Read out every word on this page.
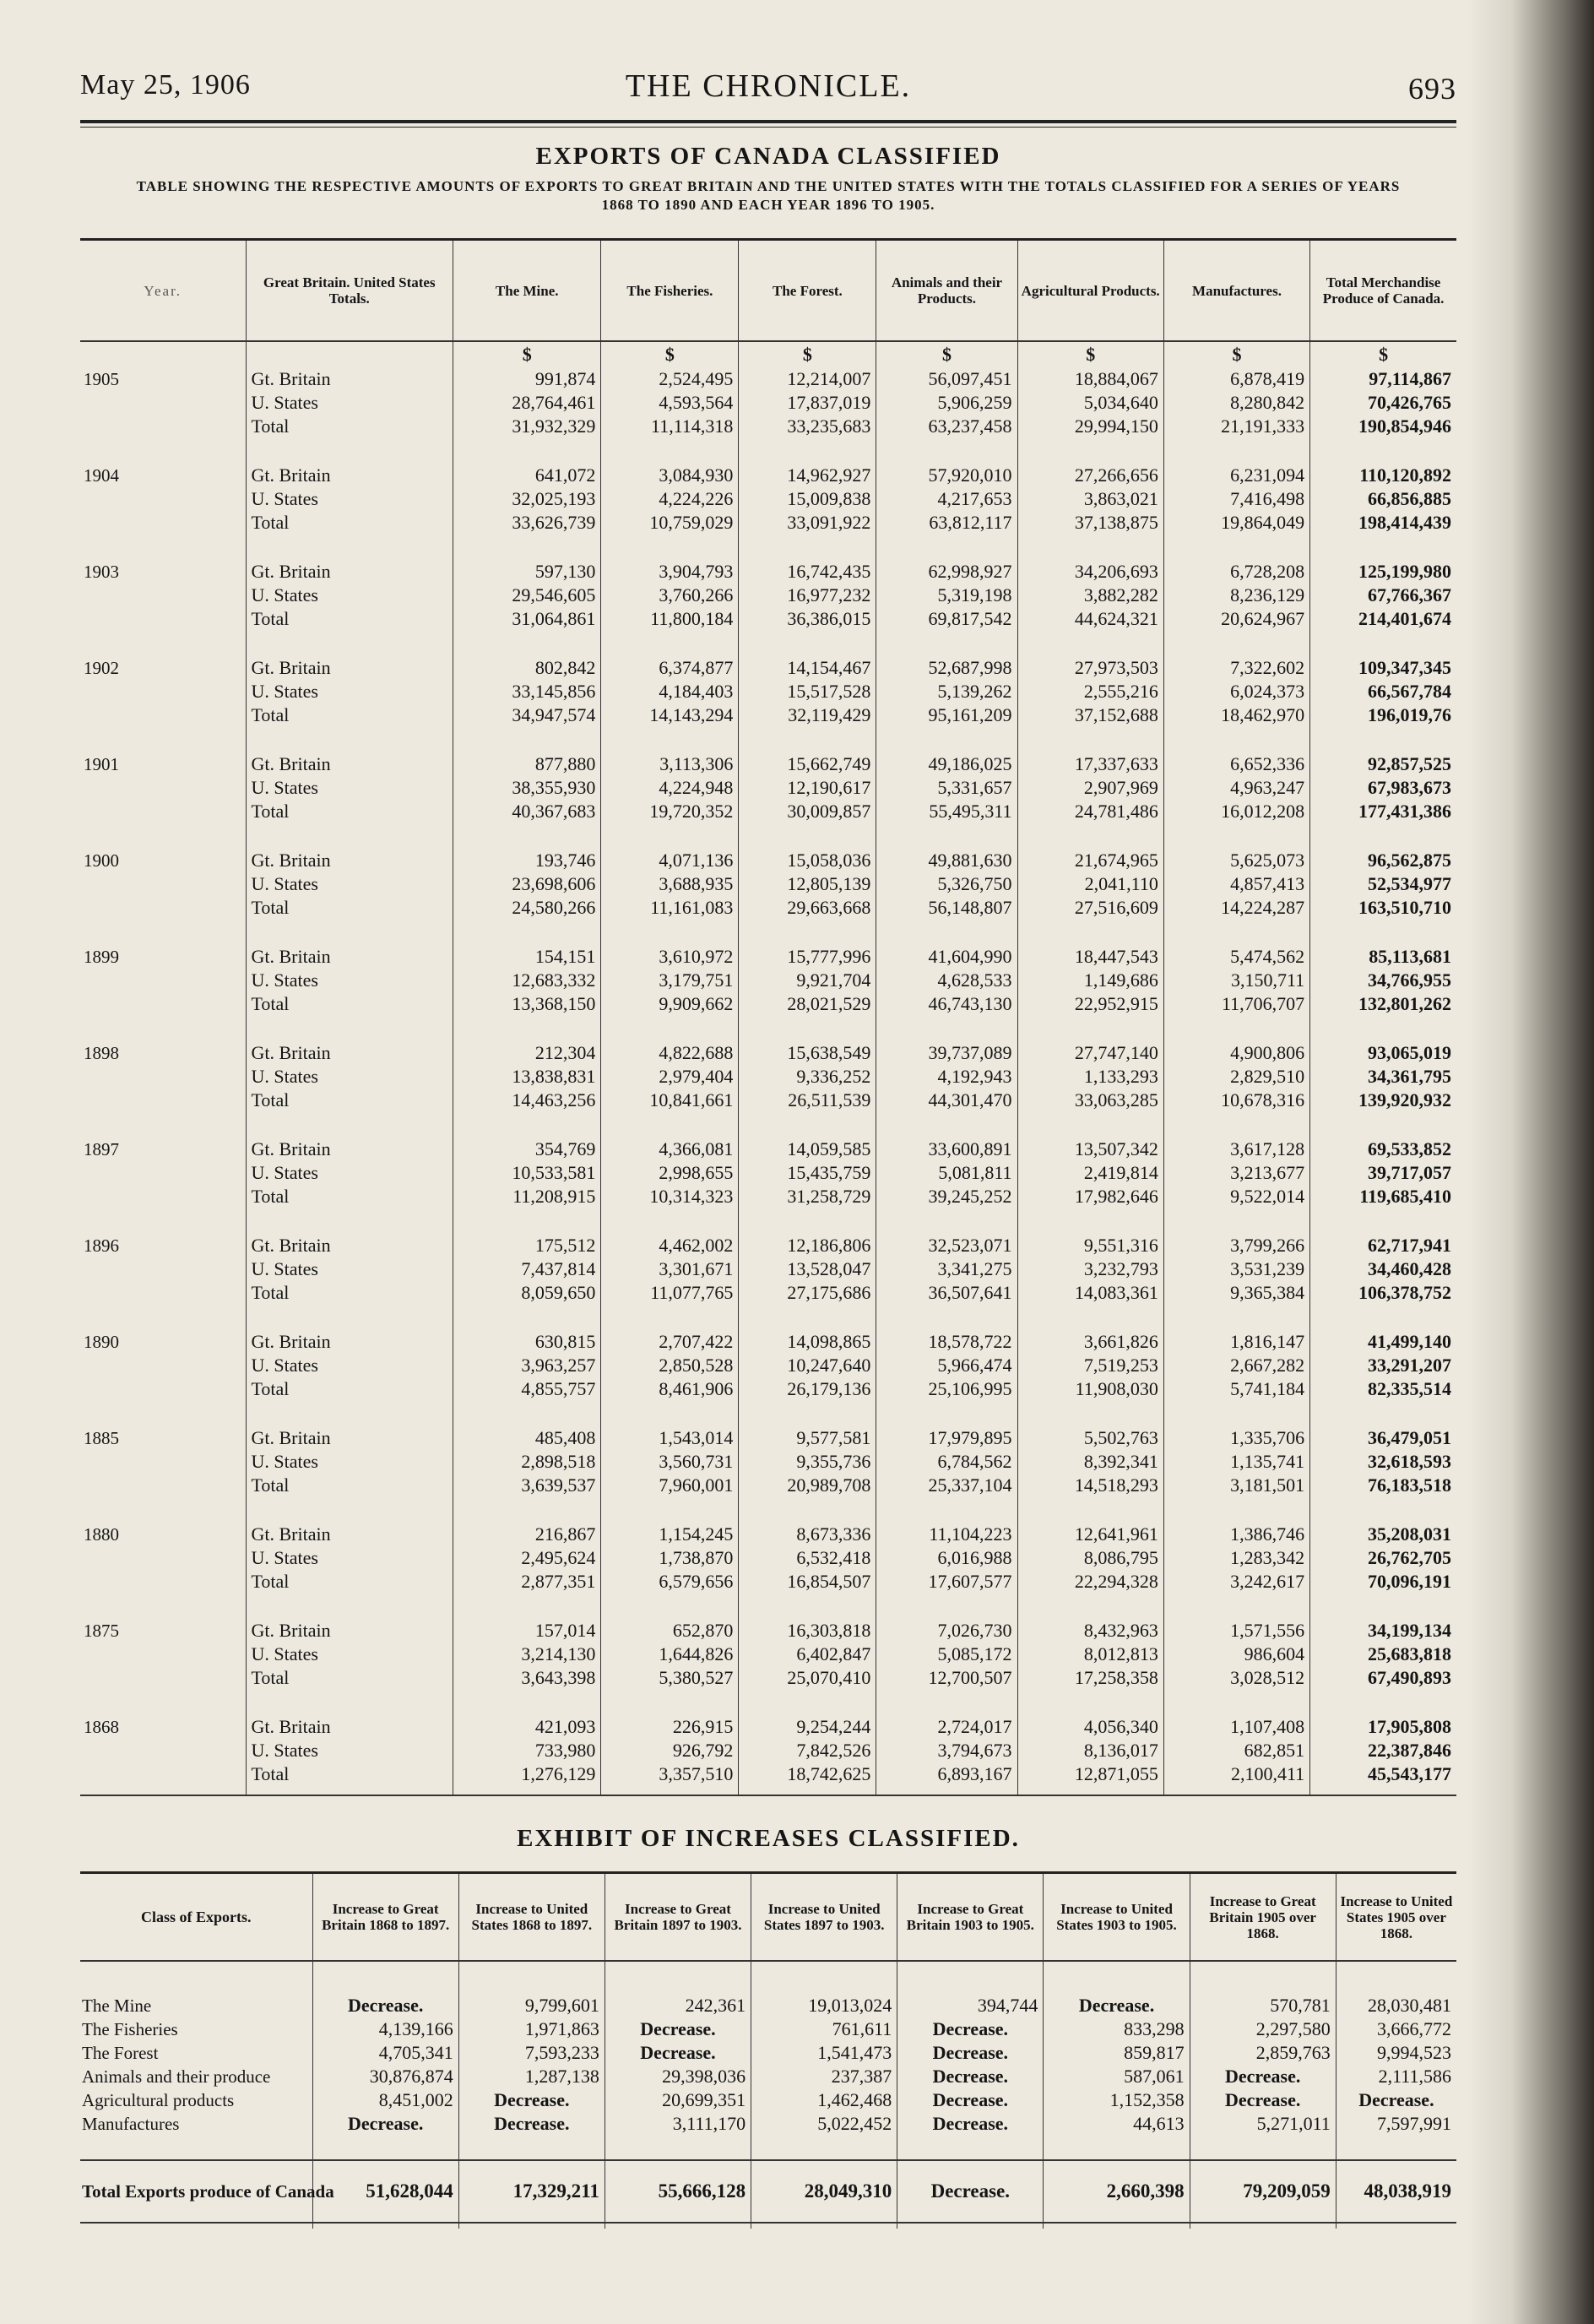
May 25, 1906	THE CHRONICLE.	693
EXPORTS OF CANADA CLASSIFIED
TABLE SHOWING THE RESPECTIVE AMOUNTS OF EXPORTS TO GREAT BRITAIN AND THE UNITED STATES WITH THE TOTALS CLASSIFIED FOR A SERIES OF YEARS 1868 TO 1890 AND EACH YEAR 1896 TO 1905.
Year.	Great Britain. United States Totals.	The Mine.	The Fisheries.	The Forest.	Animals and their Products.	Agricultural Products.	Manufactures.	Total Merchandise Produce of Canada.
		$	$	$	$	$	$	$
1905	Gt. Britain	991,874	2,524,495	12,214,007	56,097,451	18,884,067	6,878,419	97,114,867
	U. States	28,764,461	4,593,564	17,837,019	5,906,259	5,034,640	8,280,842	70,426,765
	Total	31,932,329	11,114,318	33,235,683	63,237,458	29,994,150	21,191,333	190,854,946

1904	Gt. Britain	641,072	3,084,930	14,962,927	57,920,010	27,266,656	6,231,094	110,120,892
	U. States	32,025,193	4,224,226	15,009,838	4,217,653	3,863,021	7,416,498	66,856,885
	Total	33,626,739	10,759,029	33,091,922	63,812,117	37,138,875	19,864,049	198,414,439

1903	Gt. Britain	597,130	3,904,793	16,742,435	62,998,927	34,206,693	6,728,208	125,199,980
	U. States	29,546,605	3,760,266	16,977,232	5,319,198	3,882,282	8,236,129	67,766,367
	Total	31,064,861	11,800,184	36,386,015	69,817,542	44,624,321	20,624,967	214,401,674

1902	Gt. Britain	802,842	6,374,877	14,154,467	52,687,998	27,973,503	7,322,602	109,347,345
	U. States	33,145,856	4,184,403	15,517,528	5,139,262	2,555,216	6,024,373	66,567,784
	Total	34,947,574	14,143,294	32,119,429	95,161,209	37,152,688	18,462,970	196,019,76

1901	Gt. Britain	877,880	3,113,306	15,662,749	49,186,025	17,337,633	6,652,336	92,857,525
	U. States	38,355,930	4,224,948	12,190,617	5,331,657	2,907,969	4,963,247	67,983,673
	Total	40,367,683	19,720,352	30,009,857	55,495,311	24,781,486	16,012,208	177,431,386

1900	Gt. Britain	193,746	4,071,136	15,058,036	49,881,630	21,674,965	5,625,073	96,562,875
	U. States	23,698,606	3,688,935	12,805,139	5,326,750	2,041,110	4,857,413	52,534,977
	Total	24,580,266	11,161,083	29,663,668	56,148,807	27,516,609	14,224,287	163,510,710

1899	Gt. Britain	154,151	3,610,972	15,777,996	41,604,990	18,447,543	5,474,562	85,113,681
	U. States	12,683,332	3,179,751	9,921,704	4,628,533	1,149,686	3,150,711	34,766,955
	Total	13,368,150	9,909,662	28,021,529	46,743,130	22,952,915	11,706,707	132,801,262

1898	Gt. Britain	212,304	4,822,688	15,638,549	39,737,089	27,747,140	4,900,806	93,065,019
	U. States	13,838,831	2,979,404	9,336,252	4,192,943	1,133,293	2,829,510	34,361,795
	Total	14,463,256	10,841,661	26,511,539	44,301,470	33,063,285	10,678,316	139,920,932

1897	Gt. Britain	354,769	4,366,081	14,059,585	33,600,891	13,507,342	3,617,128	69,533,852
	U. States	10,533,581	2,998,655	15,435,759	5,081,811	2,419,814	3,213,677	39,717,057
	Total	11,208,915	10,314,323	31,258,729	39,245,252	17,982,646	9,522,014	119,685,410

1896	Gt. Britain	175,512	4,462,002	12,186,806	32,523,071	9,551,316	3,799,266	62,717,941
	U. States	7,437,814	3,301,671	13,528,047	3,341,275	3,232,793	3,531,239	34,460,428
	Total	8,059,650	11,077,765	27,175,686	36,507,641	14,083,361	9,365,384	106,378,752

1890	Gt. Britain	630,815	2,707,422	14,098,865	18,578,722	3,661,826	1,816,147	41,499,140
	U. States	3,963,257	2,850,528	10,247,640	5,966,474	7,519,253	2,667,282	33,291,207
	Total	4,855,757	8,461,906	26,179,136	25,106,995	11,908,030	5,741,184	82,335,514

1885	Gt. Britain	485,408	1,543,014	9,577,581	17,979,895	5,502,763	1,335,706	36,479,051
	U. States	2,898,518	3,560,731	9,355,736	6,784,562	8,392,341	1,135,741	32,618,593
	Total	3,639,537	7,960,001	20,989,708	25,337,104	14,518,293	3,181,501	76,183,518

1880	Gt. Britain	216,867	1,154,245	8,673,336	11,104,223	12,641,961	1,386,746	35,208,031
	U. States	2,495,624	1,738,870	6,532,418	6,016,988	8,086,795	1,283,342	26,762,705
	Total	2,877,351	6,579,656	16,854,507	17,607,577	22,294,328	3,242,617	70,096,191

1875	Gt. Britain	157,014	652,870	16,303,818	7,026,730	8,432,963	1,571,556	34,199,134
	U. States	3,214,130	1,644,826	6,402,847	5,085,172	8,012,813	986,604	25,683,818
	Total	3,643,398	5,380,527	25,070,410	12,700,507	17,258,358	3,028,512	67,490,893

1868	Gt. Britain	421,093	226,915	9,254,244	2,724,017	4,056,340	1,107,408	17,905,808
	U. States	733,980	926,792	7,842,526	3,794,673	8,136,017	682,851	22,387,846
	Total	1,276,129	3,357,510	18,742,625	6,893,167	12,871,055	2,100,411	45,543,177

EXHIBIT OF INCREASES CLASSIFIED.
Class of Exports.	Increase to Great Britain 1868 to 1897.	Increase to United States 1868 to 1897.	Increase to Great Britain 1897 to 1903.	Increase to United States 1897 to 1903.	Increase to Great Britain 1903 to 1905.	Increase to United States 1903 to 1905.	Increase to Great Britain 1905 over 1868.	Increase to United States 1905 over 1868.

The Mine	Decrease.	9,799,601	242,361	19,013,024	394,744	Decrease.	570,781	28,030,481
The Fisheries	4,139,166	1,971,863	Decrease.	761,611	Decrease.	833,298	2,297,580	3,666,772
The Forest	4,705,341	7,593,233	Decrease.	1,541,473	Decrease.	859,817	2,859,763	9,994,523
Animals and their produce	30,876,874	1,287,138	29,398,036	237,387	Decrease.	587,061	Decrease.	2,111,586
Agricultural products	8,451,002	Decrease.	20,699,351	1,462,468	Decrease.	1,152,358	Decrease.	Decrease.
Manufactures	Decrease.	Decrease.	3,111,170	5,022,452	Decrease.	44,613	5,271,011	7,597,991

Total Exports produce of Canada	51,628,044	17,329,211	55,666,128	28,049,310	Decrease.	2,660,398	79,209,059	48,038,919
